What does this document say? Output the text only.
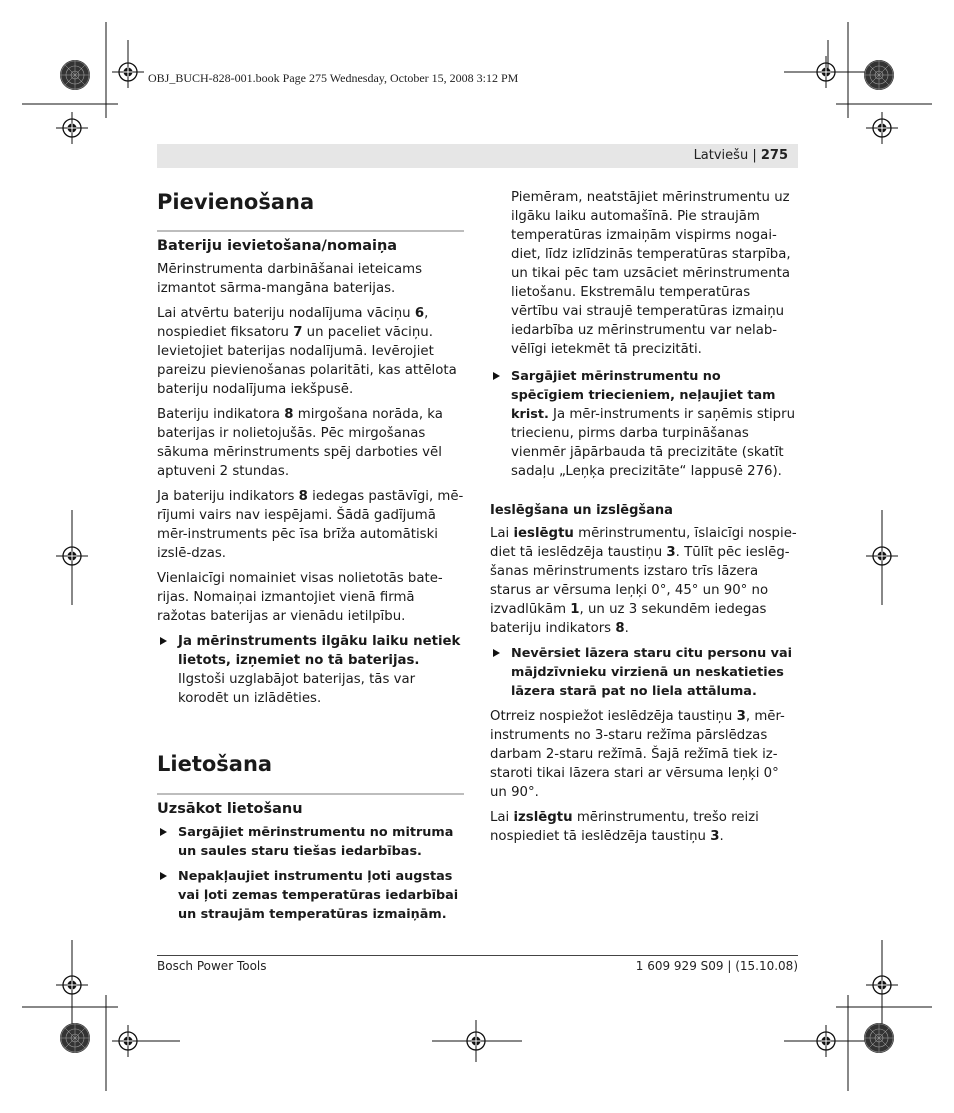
OBJ_BUCH-828-001.book Page 275 Wednesday, October 15, 2008 3:12 PM
Latviešu | 275
Pievienošana
Bateriju ievietošana/nomaiņa

Mērinstrumenta darbināšanai ieteicams izmantot sārma-mangāna baterijas.

Lai atvērtu bateriju nodalījuma vāciņu 6, nospiediet fiksatoru 7 un paceliet vāciņu. Ievietojiet baterijas nodalījumā. Ievērojiet pareizu pievienošanas polaritāti, kas attēlota bateriju nodalījuma iekšpusē.

Bateriju indikatora 8 mirgošana norāda, ka baterijas ir nolietojušās. Pēc mirgošanas sākuma mērinstruments spēj darboties vēl aptuveni 2 stundas.

Ja bateriju indikators 8 iedegas pastāvīgi, mē-rījumi vairs nav iespējami. Šādā gadījumā mēr-instruments pēc īsa brīža automātiski izslē-dzas.

Vienlaicīgi nomainiet visas nolietotās bate-rijas. Nomaiņai izmantojiet vienā firmā ražotas baterijas ar vienādu ietilpību.

Ja mērinstruments ilgāku laiku netiek lietots, izņemiet no tā baterijas. Ilgstoši uzglabājot baterijas, tās var korodēt un izlādēties.
Lietošana
Uzsākot lietošanu
Sargājiet mērinstrumentu no mitruma un saules staru tiešas iedarbības.
Nepakļaujiet instrumentu ļoti augstas vai ļoti zemas temperatūras iedarbībai un straujām temperatūras izmaiņām.

Piemēram, neatstājiet mērinstrumentu uz ilgāku laiku automašīnā. Pie straujām temperatūras izmaiņām vispirms nogai-diet, līdz izlīdzinās temperatūras starpība, un tikai pēc tam uzsāciet mērinstrumenta lietošanu. Ekstremālu temperatūras vērtību vai straujē temperatūras izmaiņu iedarbība uz mērinstrumentu var nelab-vēlīgi ietekmēt tā precizitāti.

Sargājiet mērinstrumentu no spēcīgiem triecieniem, neļaujiet tam krist. Ja mēr-instruments ir saņēmis stipru triecienu, pirms darba turpināšanas vienmēr jāpārbauda tā precizitāte (skatīt sadaļu „Leņķa precizitāte“ lappusē 276).
Ieslēgšana un izslēgšana

Lai ieslēgtu mērinstrumentu, īslaicīgi nospie-diet tā ieslēdzēja taustiņu 3. Tūlīt pēc ieslēg-šanas mērinstruments izstaro trīs lāzera starus ar vērsuma leņķi 0°, 45° un 90° no izvadlūkām 1, un uz 3 sekundēm iedegas bateriju indikators 8.

Nevērsiet lāzera staru citu personu vai mājdzīvnieku virzienā un neskatieties lāzera starā pat no liela attāluma.

Otrreiz nospiežot ieslēdzēja taustiņu 3, mēr-instruments no 3-staru režīma pārslēdzas darbam 2-staru režīmā. Šajā režīmā tiek iz-staroti tikai lāzera stari ar vērsuma leņķi 0° un 90°.

Lai izslēgtu mērinstrumentu, trešo reizi nospiediet tā ieslēdzēja taustiņu 3.

Bosch Power Tools	1 609 929 S09 | (15.10.08)
